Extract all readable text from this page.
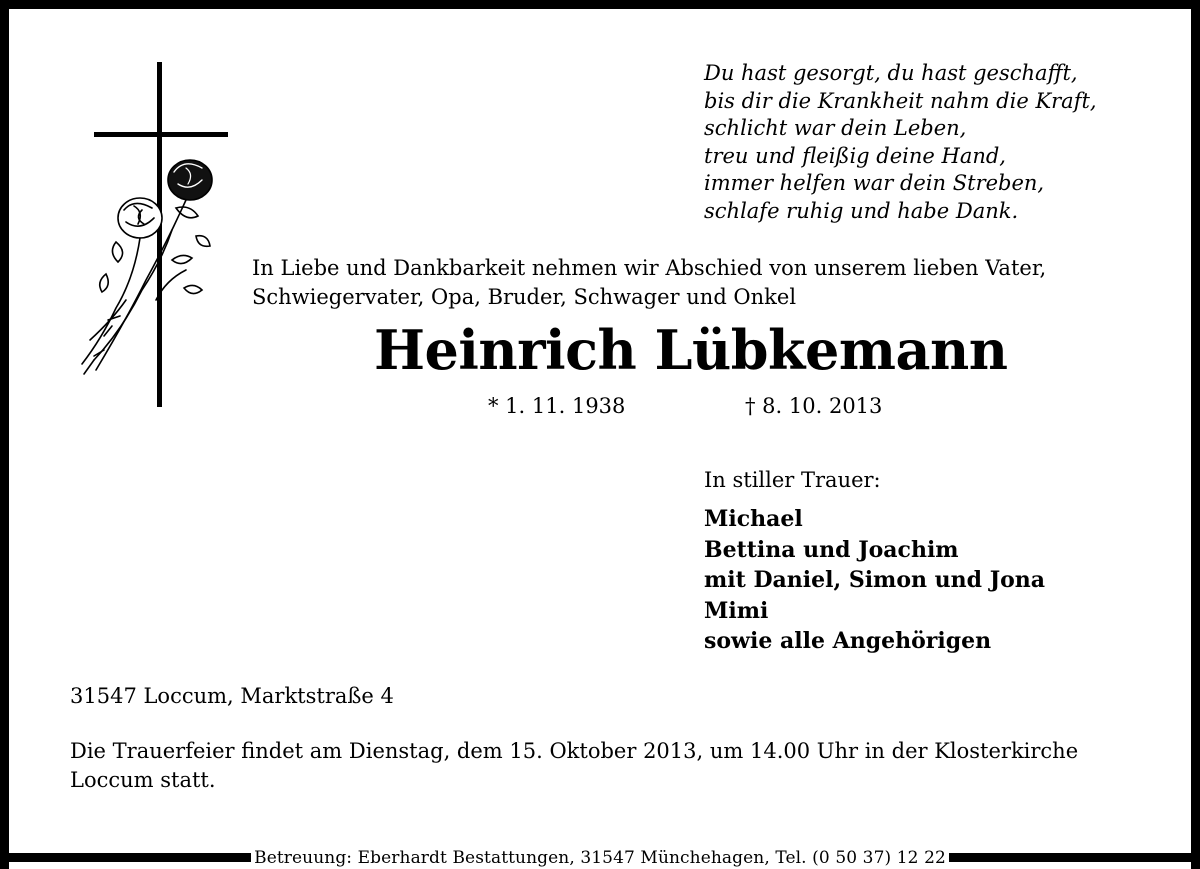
Du hast gesorgt, du hast geschafft,
bis dir die Krankheit nahm die Kraft,
schlicht war dein Leben,
treu und fleißig deine Hand,
immer helfen war dein Streben,
schlafe ruhig und habe Dank.
In Liebe und Dankbarkeit nehmen wir Abschied von unserem lieben Vater,
Schwiegervater, Opa, Bruder, Schwager und Onkel
Heinrich Lübkemann
* 1. 11. 1938	† 8. 10. 2013
In stiller Trauer:
Michael
Bettina und Joachim
mit Daniel, Simon und Jona
Mimi
sowie alle Angehörigen
31547 Loccum, Marktstraße 4
Die Trauerfeier findet am Dienstag, dem 15. Oktober 2013, um 14.00 Uhr in der Klosterkirche
Loccum statt.
Betreuung: Eberhardt Bestattungen, 31547 Münchehagen, Tel. (0 50 37) 12 22
